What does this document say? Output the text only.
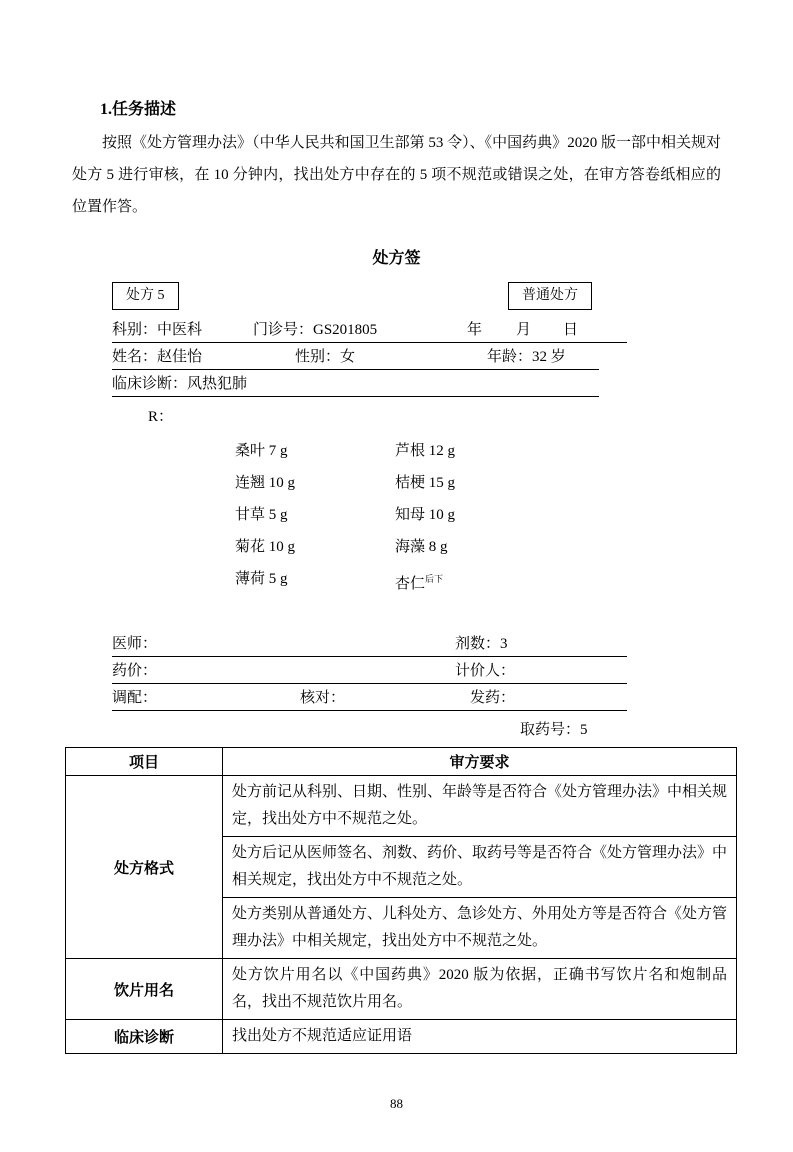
1.任务描述

按照《处方管理办法》（中华人民共和国卫生部第 53 令）、《中国药典》2020 版一部中相关规对处方 5 进行审核，在 10 分钟内，找出处方中存在的 5 项不规范或错误之处，在审方答卷纸相应的位置作答。

处方签
处方 5	普通处方
科别：中医科	门诊号：GS201805	年 月 日
姓名：赵佳怡	性别：女	年龄：32 岁
临床诊断：风热犯肺
R：
桑叶 7 g	芦根 12 g
连翘 10 g	桔梗 15 g
甘草 5 g	知母 10 g
菊花 10 g	海藻 8 g
薄荷 5 g	杏仁$^{后下}$
医师：	剂数：3
药价：	计价人：
调配：	核对：	发药：
取药号：5
项目	审方要求
处方格式	处方前记从科别、日期、性别、年龄等是否符合《处方管理办法》中相关规定，找出处方中不规范之处。
	处方后记从医师签名、剂数、药价、取药号等是否符合《处方管理办法》中相关规定，找出处方中不规范之处。
	处方类别从普通处方、儿科处方、急诊处方、外用处方等是否符合《处方管理办法》中相关规定，找出处方中不规范之处。
饮片用名	处方饮片用名以《中国药典》2020 版为依据，正确书写饮片名和炮制品名，找出不规范饮片用名。
临床诊断	找出处方不规范适应证用语
88
